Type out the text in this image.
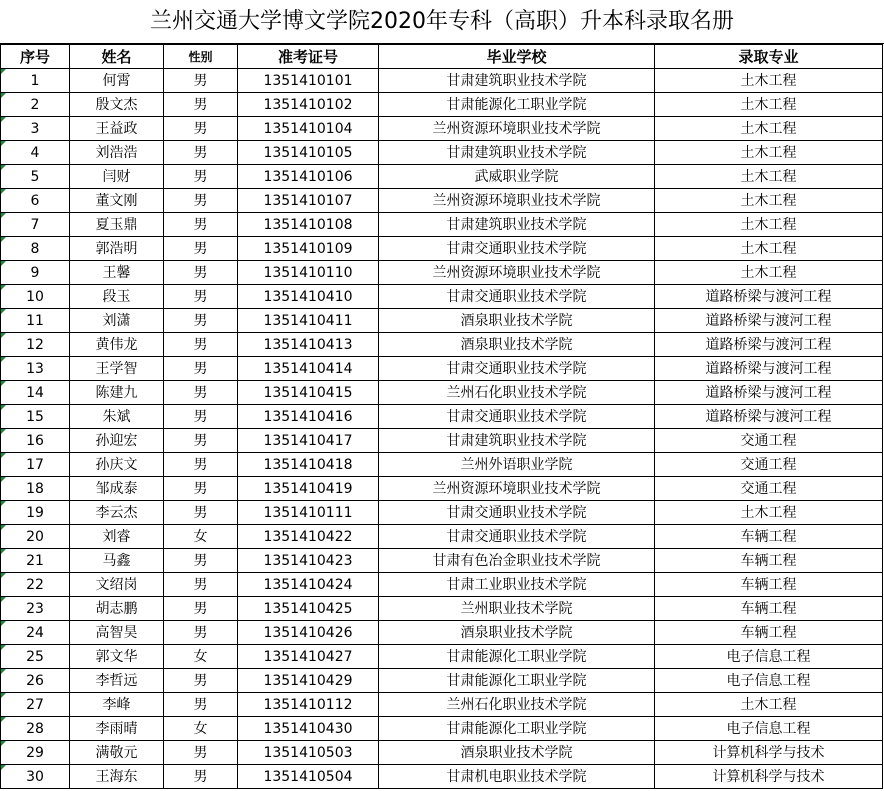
兰州交通大学博文学院2020年专科（高职）升本科录取名册
序号	姓名	性别	准考证号	毕业学校	录取专业
1	何霄	男	1351410101	甘肃建筑职业技术学院	土木工程
2	殷文杰	男	1351410102	甘肃能源化工职业学院	土木工程
3	王益政	男	1351410104	兰州资源环境职业技术学院	土木工程
4	刘浩浩	男	1351410105	甘肃建筑职业技术学院	土木工程
5	闫财	男	1351410106	武威职业学院	土木工程
6	董文刚	男	1351410107	兰州资源环境职业技术学院	土木工程
7	夏玉鼎	男	1351410108	甘肃建筑职业技术学院	土木工程
8	郭浩明	男	1351410109	甘肃交通职业技术学院	土木工程
9	王馨	男	1351410110	兰州资源环境职业技术学院	土木工程
10	段玉	男	1351410410	甘肃交通职业技术学院	道路桥梁与渡河工程
11	刘潇	男	1351410411	酒泉职业技术学院	道路桥梁与渡河工程
12	黄伟龙	男	1351410413	酒泉职业技术学院	道路桥梁与渡河工程
13	王学智	男	1351410414	甘肃交通职业技术学院	道路桥梁与渡河工程
14	陈建九	男	1351410415	兰州石化职业技术学院	道路桥梁与渡河工程
15	朱斌	男	1351410416	甘肃交通职业技术学院	道路桥梁与渡河工程
16	孙迎宏	男	1351410417	甘肃建筑职业技术学院	交通工程
17	孙庆文	男	1351410418	兰州外语职业学院	交通工程
18	邹成泰	男	1351410419	兰州资源环境职业技术学院	交通工程
19	李云杰	男	1351410111	甘肃交通职业技术学院	土木工程
20	刘睿	女	1351410422	甘肃交通职业技术学院	车辆工程
21	马鑫	男	1351410423	甘肃有色冶金职业技术学院	车辆工程
22	文绍岗	男	1351410424	甘肃工业职业技术学院	车辆工程
23	胡志鹏	男	1351410425	兰州职业技术学院	车辆工程
24	高智昊	男	1351410426	酒泉职业技术学院	车辆工程
25	郭文华	女	1351410427	甘肃能源化工职业学院	电子信息工程
26	李哲远	男	1351410429	甘肃能源化工职业学院	电子信息工程
27	李峰	男	1351410112	兰州石化职业技术学院	土木工程
28	李雨晴	女	1351410430	甘肃能源化工职业学院	电子信息工程
29	满敬元	男	1351410503	酒泉职业技术学院	计算机科学与技术
30	王海东	男	1351410504	甘肃机电职业技术学院	计算机科学与技术
